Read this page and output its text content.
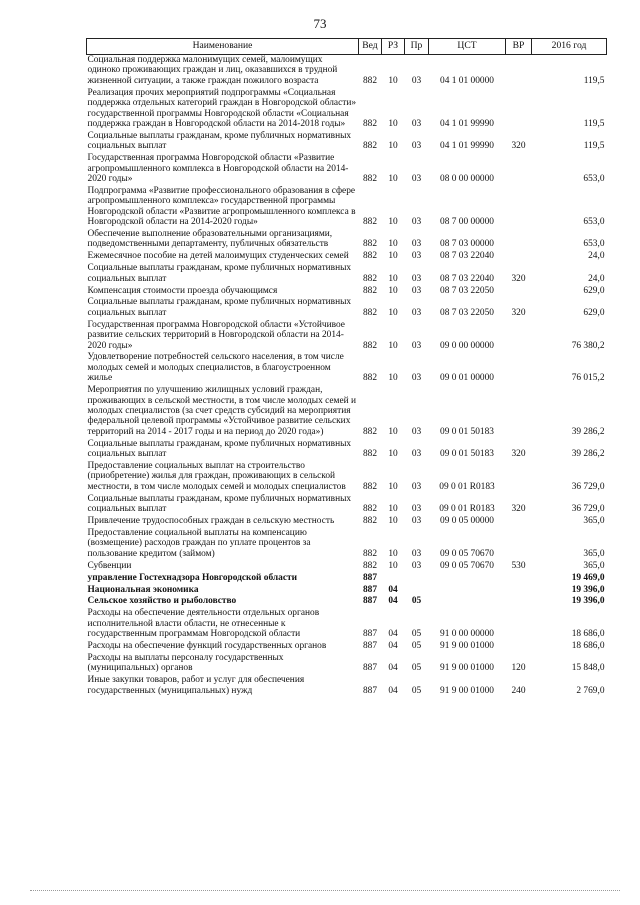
73
Наименование	Вед	РЗ	Пр	ЦСТ	ВР	2016 год
Социальная поддержка малонимущих семей, малоимущих одиноко проживающих граждан и лиц, оказавшихся в трудной жизненной ситуации, а также граждан пожилого возраста	882	10	03	04 1 01 00000		119,5
Реализация прочих мероприятий подпрограммы «Социальная поддержка отдельных категорий граждан в Новгородской области» государственной программы Новгородской области «Социальная поддержка граждан в Новгородской области на 2014-2018 годы»	882	10	03	04 1 01 99990		119,5
Социальные выплаты гражданам, кроме публичных нормативных социальных выплат	882	10	03	04 1 01 99990	320	119,5
Государственная программа Новгородской области «Развитие агропромышленного комплекса в Новгородской области на 2014-2020 годы»	882	10	03	08 0 00 00000		653,0
Подпрограмма «Развитие профессионального образования в сфере агропромышленного комплекса» государственной программы Новгородской области «Развитие агропромышленного комплекса в Новгородской области на 2014-2020 годы»	882	10	03	08 7 00 00000		653,0
Обеспечение выполнение образовательными организациями, подведомственными департаменту, публичных обязательств	882	10	03	08 7 03 00000		653,0
Ежемесячное пособие на детей малоимущих студенческих семей	882	10	03	08 7 03 22040		24,0
Социальные выплаты гражданам, кроме публичных нормативных социальных выплат	882	10	03	08 7 03 22040	320	24,0
Компенсация стоимости проезда обучающимся	882	10	03	08 7 03 22050		629,0
Социальные выплаты гражданам, кроме публичных нормативных социальных выплат	882	10	03	08 7 03 22050	320	629,0
Государственная программа Новгородской области «Устойчивое развитие сельских территорий в Новгородской области на 2014-2020 годы»	882	10	03	09 0 00 00000		76 380,2
Удовлетворение потребностей сельского населения, в том числе молодых семей и молодых специалистов, в благоустроенном жилье	882	10	03	09 0 01 00000		76 015,2
Мероприятия по улучшению жилищных условий граждан, проживающих в сельской местности, в том числе молодых семей и молодых специалистов (за счет средств субсидий на мероприятия федеральной целевой программы «Устойчивое развитие сельских территорий на 2014 - 2017 годы и на период до 2020 года»)	882	10	03	09 0 01 50183		39 286,2
Социальные выплаты гражданам, кроме публичных нормативных социальных выплат	882	10	03	09 0 01 50183	320	39 286,2
Предоставление социальных выплат на строительство (приобретение) жилья для граждан, проживающих в сельской местности, в том числе молодых семей и молодых специалистов	882	10	03	09 0 01 R0183		36 729,0
Социальные выплаты гражданам, кроме публичных нормативных социальных выплат	882	10	03	09 0 01 R0183	320	36 729,0
Привлечение трудоспособных граждан в сельскую местность	882	10	03	09 0 05 00000		365,0
Предоставление социальной выплаты на компенсацию (возмещение) расходов граждан по уплате процентов за пользование кредитом (займом)	882	10	03	09 0 05 70670		365,0
Субвенции	882	10	03	09 0 05 70670	530	365,0
управление Гостехнадзора Новгородской области	887					19 469,0
Национальная экономика	887	04				19 396,0
Сельское хозяйство и рыболовство	887	04	05			19 396,0
Расходы на обеспечение деятельности отдельных органов исполнительной власти области, не отнесенные к государственным программам Новгородской области	887	04	05	91 0 00 00000		18 686,0
Расходы на обеспечение функций государственных органов	887	04	05	91 9 00 01000		18 686,0
Расходы на выплаты персоналу государственных (муниципальных) органов	887	04	05	91 9 00 01000	120	15 848,0
Иные закупки товаров, работ и услуг для обеспечения государственных (муниципальных) нужд	887	04	05	91 9 00 01000	240	2 769,0
